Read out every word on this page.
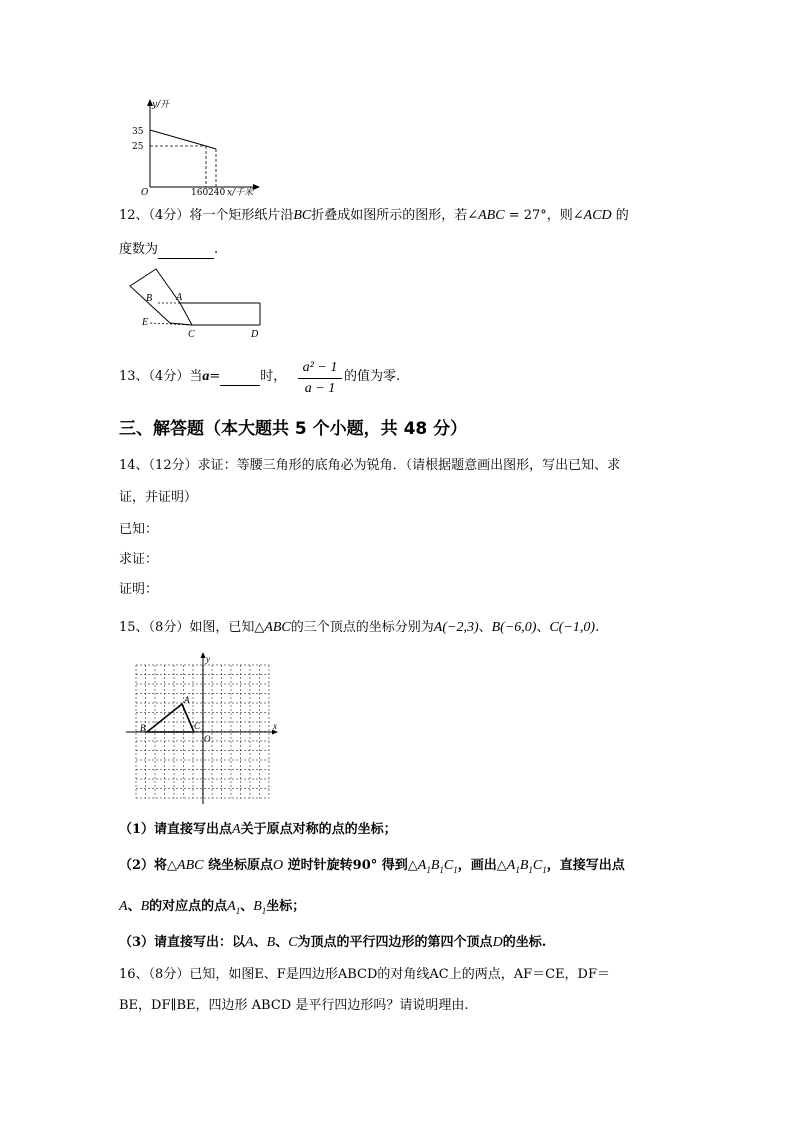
y/升
35
25
O	160 240 x/千米
12、（4分）将一个矩形纸片沿BC折叠成如图所示的图形，若∠ABC = 27°，则∠ACD 的
度数为	.
B A
E
C	D
13、（4分）当a=	时， $\frac{\text{a² − 1}}{a - 1}$ 的值为零.
三、解答题（本大题共 5 个小题，共 48 分）
14、（12分）求证：等腰三角形的底角必为锐角．（请根据题意画出图形，写出已知、求
证，并证明）
已知：
求证：
证明：
15、（8分）如图，已知△ABC的三个顶点的坐标分别为A(−2,3)、B(−6,0)、C(−1,0).
x
y
A
B	C
O
（1）请直接写出点A关于原点对称的点的坐标；
（2）将△ABC 绕坐标原点O 逆时针旋转90° 得到$\triangle A_1B_1C_1$，画出$\triangle A_1B_1C_1$，直接写出点
A、B的对应点的点$A_1$、$B_1$坐标；
（3）请直接写出：以A、B、C为顶点的平行四边形的第四个顶点D的坐标.
16、（8分）已知，如图E、F是四边形ABCD的对角线AC上的两点，AF＝CE，DF＝
BE，DF∥BE，四边形 ABCD 是平行四边形吗？请说明理由.
